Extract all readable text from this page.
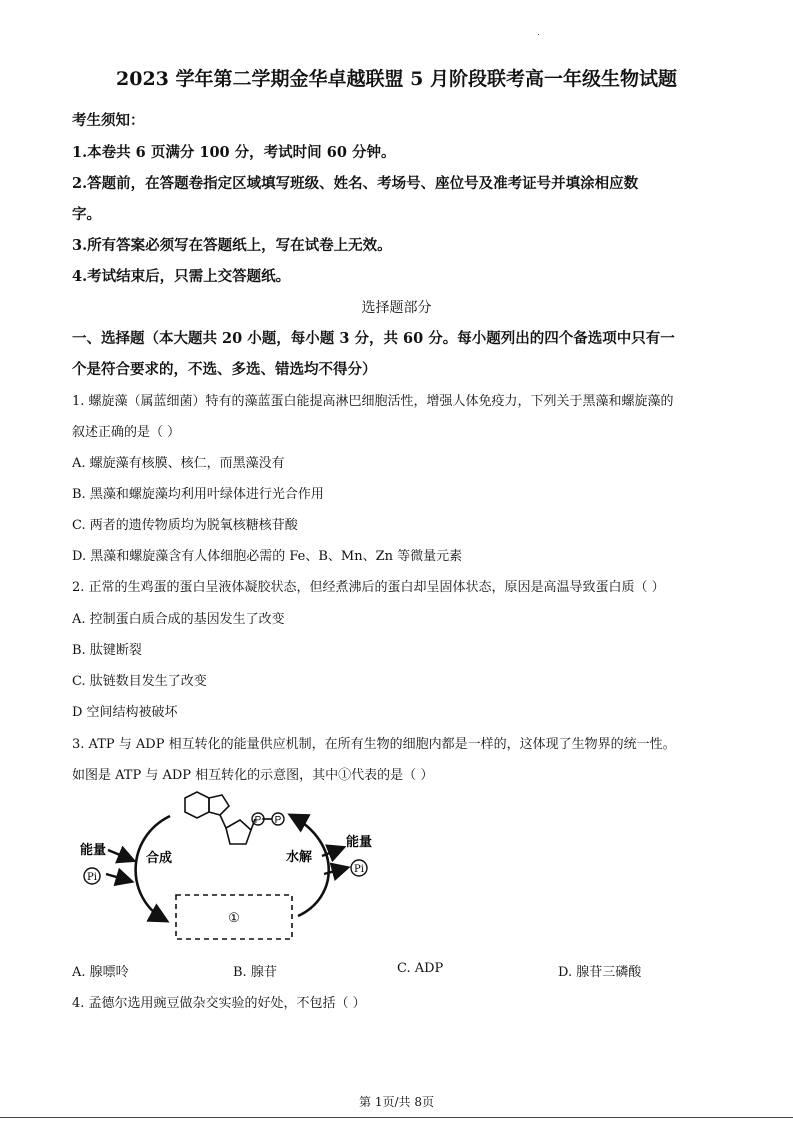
2023 学年第二学期金华卓越联盟 5 月阶段联考高一年级生物试题
考生须知：
1.本卷共 6 页满分 100 分，考试时间 60 分钟。
2.答题前，在答题卷指定区域填写班级、姓名、考场号、座位号及准考证号并填涂相应数
字。
3.所有答案必须写在答题纸上，写在试卷上无效。
4.考试结束后，只需上交答题纸。
选择题部分
一、选择题（本大题共 20 小题，每小题 3 分，共 60 分。每小题列出的四个备选项中只有一
个是符合要求的，不选、多选、错选均不得分）
1. 螺旋藻（属蓝细菌）特有的藻蓝蛋白能提高淋巴细胞活性，增强人体免疫力，下列关于黑藻和螺旋藻的
叙述正确的是（ ）
A. 螺旋藻有核膜、核仁，而黑藻没有
B. 黑藻和螺旋藻均利用叶绿体进行光合作用
C. 两者的遗传物质均为脱氧核糖核苷酸
D. 黑藻和螺旋藻含有人体细胞必需的 Fe、B、Mn、Zn 等微量元素
2. 正常的生鸡蛋的蛋白呈液体凝胶状态，但经煮沸后的蛋白却呈固体状态，原因是高温导致蛋白质（ ）
A. 控制蛋白质合成的基因发生了改变
B. 肽键断裂
C. 肽链数目发生了改变
D 空间结构被破坏
3. ATP 与 ADP 相互转化的能量供应机制，在所有生物的细胞内都是一样的，这体现了生物界的统一性。
如图是 ATP 与 ADP 相互转化的示意图，其中①代表的是（ ）
P P
能量
Pi
合成	水解
能量
Pi
①
A. 腺嘌呤	B. 腺苷	C. ADP	D. 腺苷三磷酸
4. 孟德尔选用豌豆做杂交实验的好处，不包括（ ）
第 1页/共 8页
